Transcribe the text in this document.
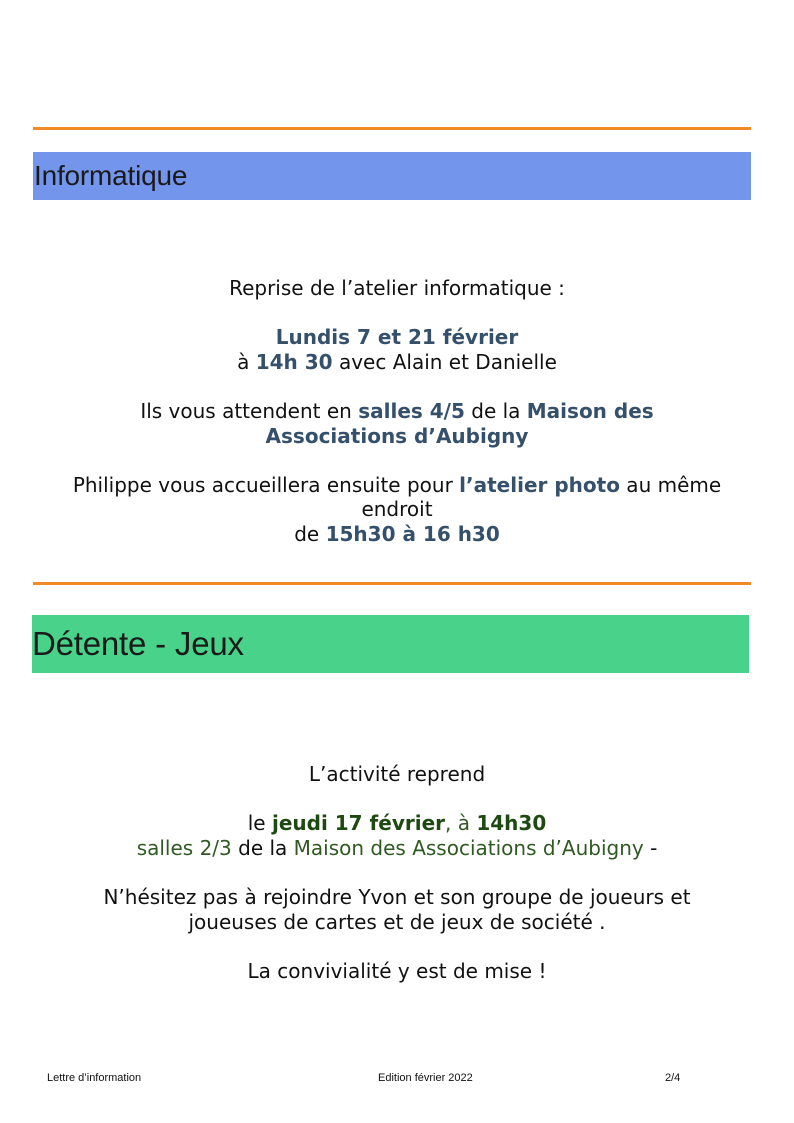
Informatique
Reprise de l’atelier informatique :
Lundis 7 et 21 février
à 14h 30 avec Alain et Danielle
Ils vous attendent en salles 4/5 de la Maison des
Associations d’Aubigny
Philippe vous accueillera ensuite pour l’atelier photo au même
endroit
de 15h30 à 16 h30
Détente - Jeux
L’activité reprend
le jeudi 17 février, à 14h30
salles 2/3 de la Maison des Associations d’Aubigny -
N’hésitez pas à rejoindre Yvon et son groupe de joueurs et
joueuses de cartes et de jeux de société .
La convivialité y est de mise !
Lettre d’information	Edition février 2022	2/4
